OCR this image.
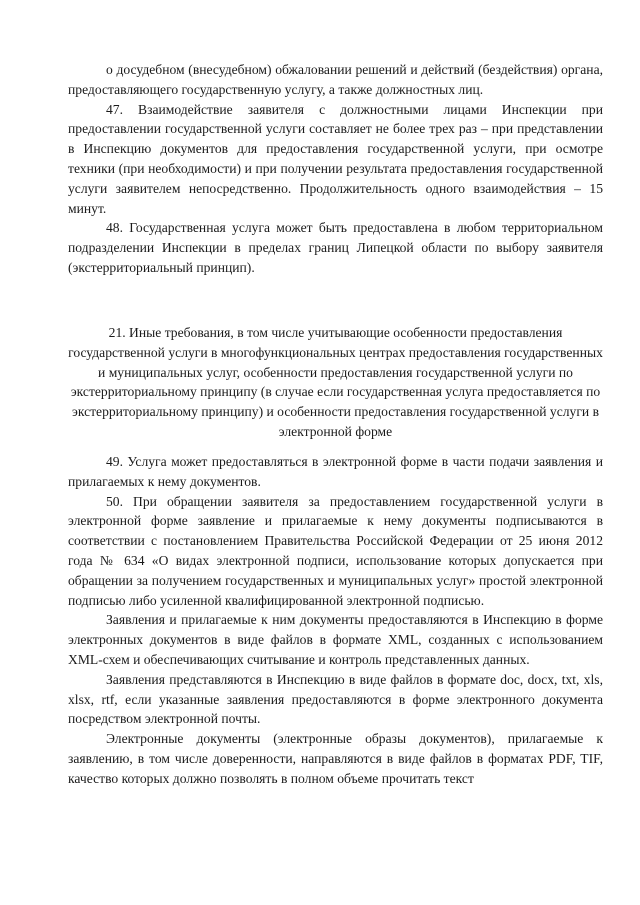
о досудебном (внесудебном) обжаловании решений и действий (бездействия) органа, предоставляющего государственную услугу, а также должностных лиц.

47. Взаимодействие заявителя с должностными лицами Инспекции при предоставлении государственной услуги составляет не более трех раз – при представлении в Инспекцию документов для предоставления государственной услуги, при осмотре техники (при необходимости) и при получении результата предоставления государственной услуги заявителем непосредственно. Продолжительность одного взаимодействия – 15 минут.

48. Государственная услуга может быть предоставлена в любом территориальном подразделении Инспекции в пределах границ Липецкой области по выбору заявителя (экстерриториальный принцип).

21. Иные требования, в том числе учитывающие особенности предоставления государственной услуги в многофункциональных центрах предоставления государственных и муниципальных услуг, особенности предоставления государственной услуги по экстерриториальному принципу (в случае если государственная услуга предоставляется по экстерриториальному принципу) и особенности предоставления государственной услуги в электронной форме

49. Услуга может предоставляться в электронной форме в части подачи заявления и прилагаемых к нему документов.

50. При обращении заявителя за предоставлением государственной услуги в электронной форме заявление и прилагаемые к нему документы подписываются в соответствии с постановлением Правительства Российской Федерации от 25 июня 2012 года № 634 «О видах электронной подписи, использование которых допускается при обращении за получением государственных и муниципальных услуг» простой электронной подписью либо усиленной квалифицированной электронной подписью.

Заявления и прилагаемые к ним документы предоставляются в Инспекцию в форме электронных документов в виде файлов в формате XML, созданных с использованием XML-схем и обеспечивающих считывание и контроль представленных данных.

Заявления представляются в Инспекцию в виде файлов в формате doc, docx, txt, xls, xlsx, rtf, если указанные заявления предоставляются в форме электронного документа посредством электронной почты.

Электронные документы (электронные образы документов), прилагаемые к заявлению, в том числе доверенности, направляются в виде файлов в форматах PDF, TIF, качество которых должно позволять в полном объеме прочитать текст
